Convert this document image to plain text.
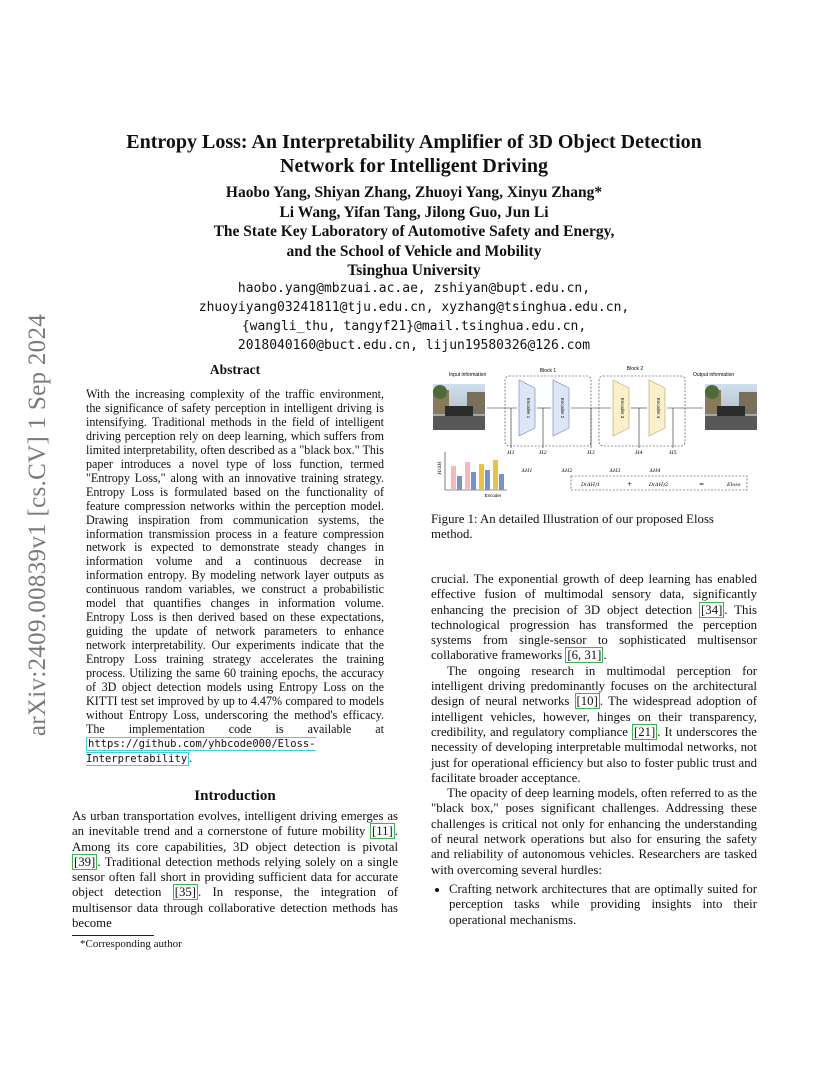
arXiv:2409.00839v1 [cs.CV] 1 Sep 2024
Entropy Loss: An Interpretability Amplifier of 3D Object Detection
Network for Intelligent Driving
Haobo Yang, Shiyan Zhang, Zhuoyi Yang, Xinyu Zhang*
Li Wang, Yifan Tang, Jilong Guo, Jun Li
The State Key Laboratory of Automotive Safety and Energy,
and the School of Vehicle and Mobility
Tsinghua University
haobo.yang@mbzuai.ac.ae, zshiyan@bupt.edu.cn,
zhuoyiyang03241811@tju.edu.cn, xyzhang@tsinghua.edu.cn,
{wangli_thu, tangyf21}@mail.tsinghua.edu.cn,
2018040160@buct.edu.cn, lijun19580326@126.com
Abstract
With the increasing complexity of the traffic environment, the significance of safety perception in intelligent driving is intensifying. Traditional methods in the field of intelligent driving perception rely on deep learning, which suffers from limited interpretability, often described as a "black box." This paper introduces a novel type of loss function, termed "Entropy Loss," along with an innovative training strategy. Entropy Loss is formulated based on the functionality of feature compression networks within the perception model. Drawing inspiration from communication systems, the information transmission process in a feature compression network is expected to demonstrate steady changes in information volume and a continuous decrease in information entropy. By modeling network layer outputs as continuous random variables, we construct a probabilistic model that quantifies changes in information volume. Entropy Loss is then derived based on these expectations, guiding the update of network parameters to enhance network interpretability. Our experiments indicate that the Entropy Loss training strategy accelerates the training process. Utilizing the same 60 training epochs, the accuracy of 3D object detection models using Entropy Loss on the KITTI test set improved by up to 4.47% compared to models without Entropy Loss, underscoring the method's efficacy. The implementation code is available at https://github.com/yhbcode000/Eloss-Interpretability .
Introduction

As urban transportation evolves, intelligent driving emerges as an inevitable trend and a cornerstone of future mobility [11] . Among its core capabilities, 3D object detection is pivotal [39] . Traditional detection methods relying solely on a single sensor often fall short in providing sufficient data for accurate object detection [35] . In response, the integration of multisensor data through collaborative detection methods has become

*Corresponding author
Input information
Block 1	Block 2
Encoder 1	Encoder 2	Encoder 3	Encoder 4
Output information
H1	H2	H3	H4	H5
ΔH1	ΔH2	ΔH3	ΔH4
D(ΔH)1	+	D(ΔH)2	=	Eloss
H/ΔH
Encoder
Figure 1: An detailed Illustration of our proposed Eloss method.

crucial. The exponential growth of deep learning has enabled effective fusion of multimodal sensory data, significantly enhancing the precision of 3D object detection [34] . This technological progression has transformed the perception systems from single-sensor to sophisticated multisensor collaborative frameworks [6, 31] .

The ongoing research in multimodal perception for intelligent driving predominantly focuses on the architectural design of neural networks [10] . The widespread adoption of intelligent vehicles, however, hinges on their transparency, credibility, and regulatory compliance [21] . It underscores the necessity of developing interpretable multimodal networks, not just for operational efficiency but also to foster public trust and facilitate broader acceptance.

The opacity of deep learning models, often referred to as the "black box," poses significant challenges. Addressing these challenges is critical not only for enhancing the understanding of neural network operations but also for ensuring the safety and reliability of autonomous vehicles. Researchers are tasked with overcoming several hurdles:

• Crafting network architectures that are optimally suited for perception tasks while providing insights into their operational mechanisms.
